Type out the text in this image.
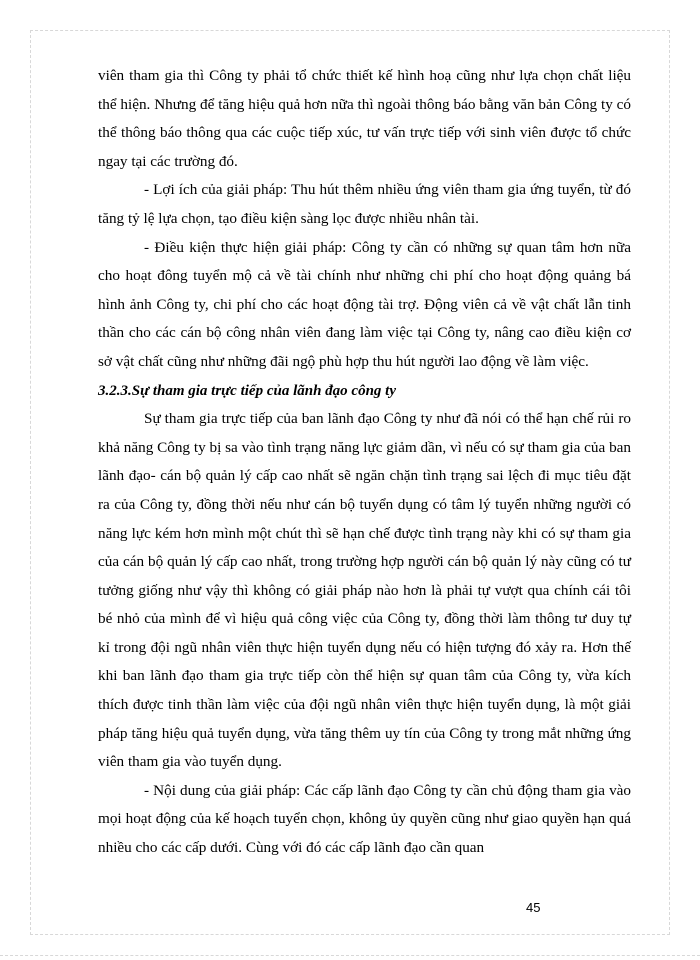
viên tham gia thì Công ty phải tổ chức thiết kế hình hoạ cũng như lựa chọn chất liệu thể hiện. Nhưng để tăng hiệu quả hơn nữa thì ngoài thông báo bằng văn bản Công ty có thể thông báo thông qua các cuộc tiếp xúc, tư vấn trực tiếp với sinh viên được tổ chức ngay tại các trường đó.

- Lợi ích của giải pháp: Thu hút thêm nhiều ứng viên tham gia ứng tuyển, từ đó tăng tỷ lệ lựa chọn, tạo điều kiện sàng lọc được nhiều nhân tài.

- Điều kiện thực hiện giải pháp: Công ty cần có những sự quan tâm hơn nữa cho hoạt đông tuyển mộ cả về tài chính như những chi phí cho hoạt động quảng bá hình ảnh Công ty, chi phí cho các hoạt động tài trợ. Động viên cả về vật chất lẫn tinh thần cho các cán bộ công nhân viên đang làm việc tại Công ty, nâng cao điều kiện cơ sở vật chất cũng như những đãi ngộ phù hợp thu hút người lao động về làm việc.

3.2.3.Sự tham gia trực tiếp của lãnh đạo công ty

Sự tham gia trực tiếp của ban lãnh đạo Công ty như đã nói có thể hạn chế rủi ro khả năng Công ty bị sa vào tình trạng năng lực giảm dần, vì nếu có sự tham gia của ban lãnh đạo- cán bộ quản lý cấp cao nhất sẽ ngăn chặn tình trạng sai lệch đi mục tiêu đặt ra của Công ty, đồng thời nếu như cán bộ tuyển dụng có tâm lý tuyển những người có năng lực kém hơn mình một chút thì sẽ hạn chế được tình trạng này khi có sự tham gia của cán bộ quản lý cấp cao nhất, trong trường hợp người cán bộ quản lý này cũng có tư tưởng giống như vậy thì không có giải pháp nào hơn là phải tự vượt qua chính cái tôi bé nhỏ của mình để vì hiệu quả công việc của Công ty, đồng thời làm thông tư duy tự kỉ trong đội ngũ nhân viên thực hiện tuyển dụng nếu có hiện tượng đó xảy ra. Hơn thế khi ban lãnh đạo tham gia trực tiếp còn thể hiện sự quan tâm của Công ty, vừa kích thích được tinh thần làm việc của đội ngũ nhân viên thực hiện tuyển dụng, là một giải pháp tăng hiệu quả tuyển dụng, vừa tăng thêm uy tín của Công ty trong mắt những ứng viên tham gia vào tuyển dụng.

- Nội dung của giải pháp: Các cấp lãnh đạo Công ty cần chủ động tham gia vào mọi hoạt động của kế hoạch tuyển chọn, không ủy quyền cũng như giao quyền hạn quá nhiều cho các cấp dưới. Cùng với đó các cấp lãnh đạo cần quan

45
